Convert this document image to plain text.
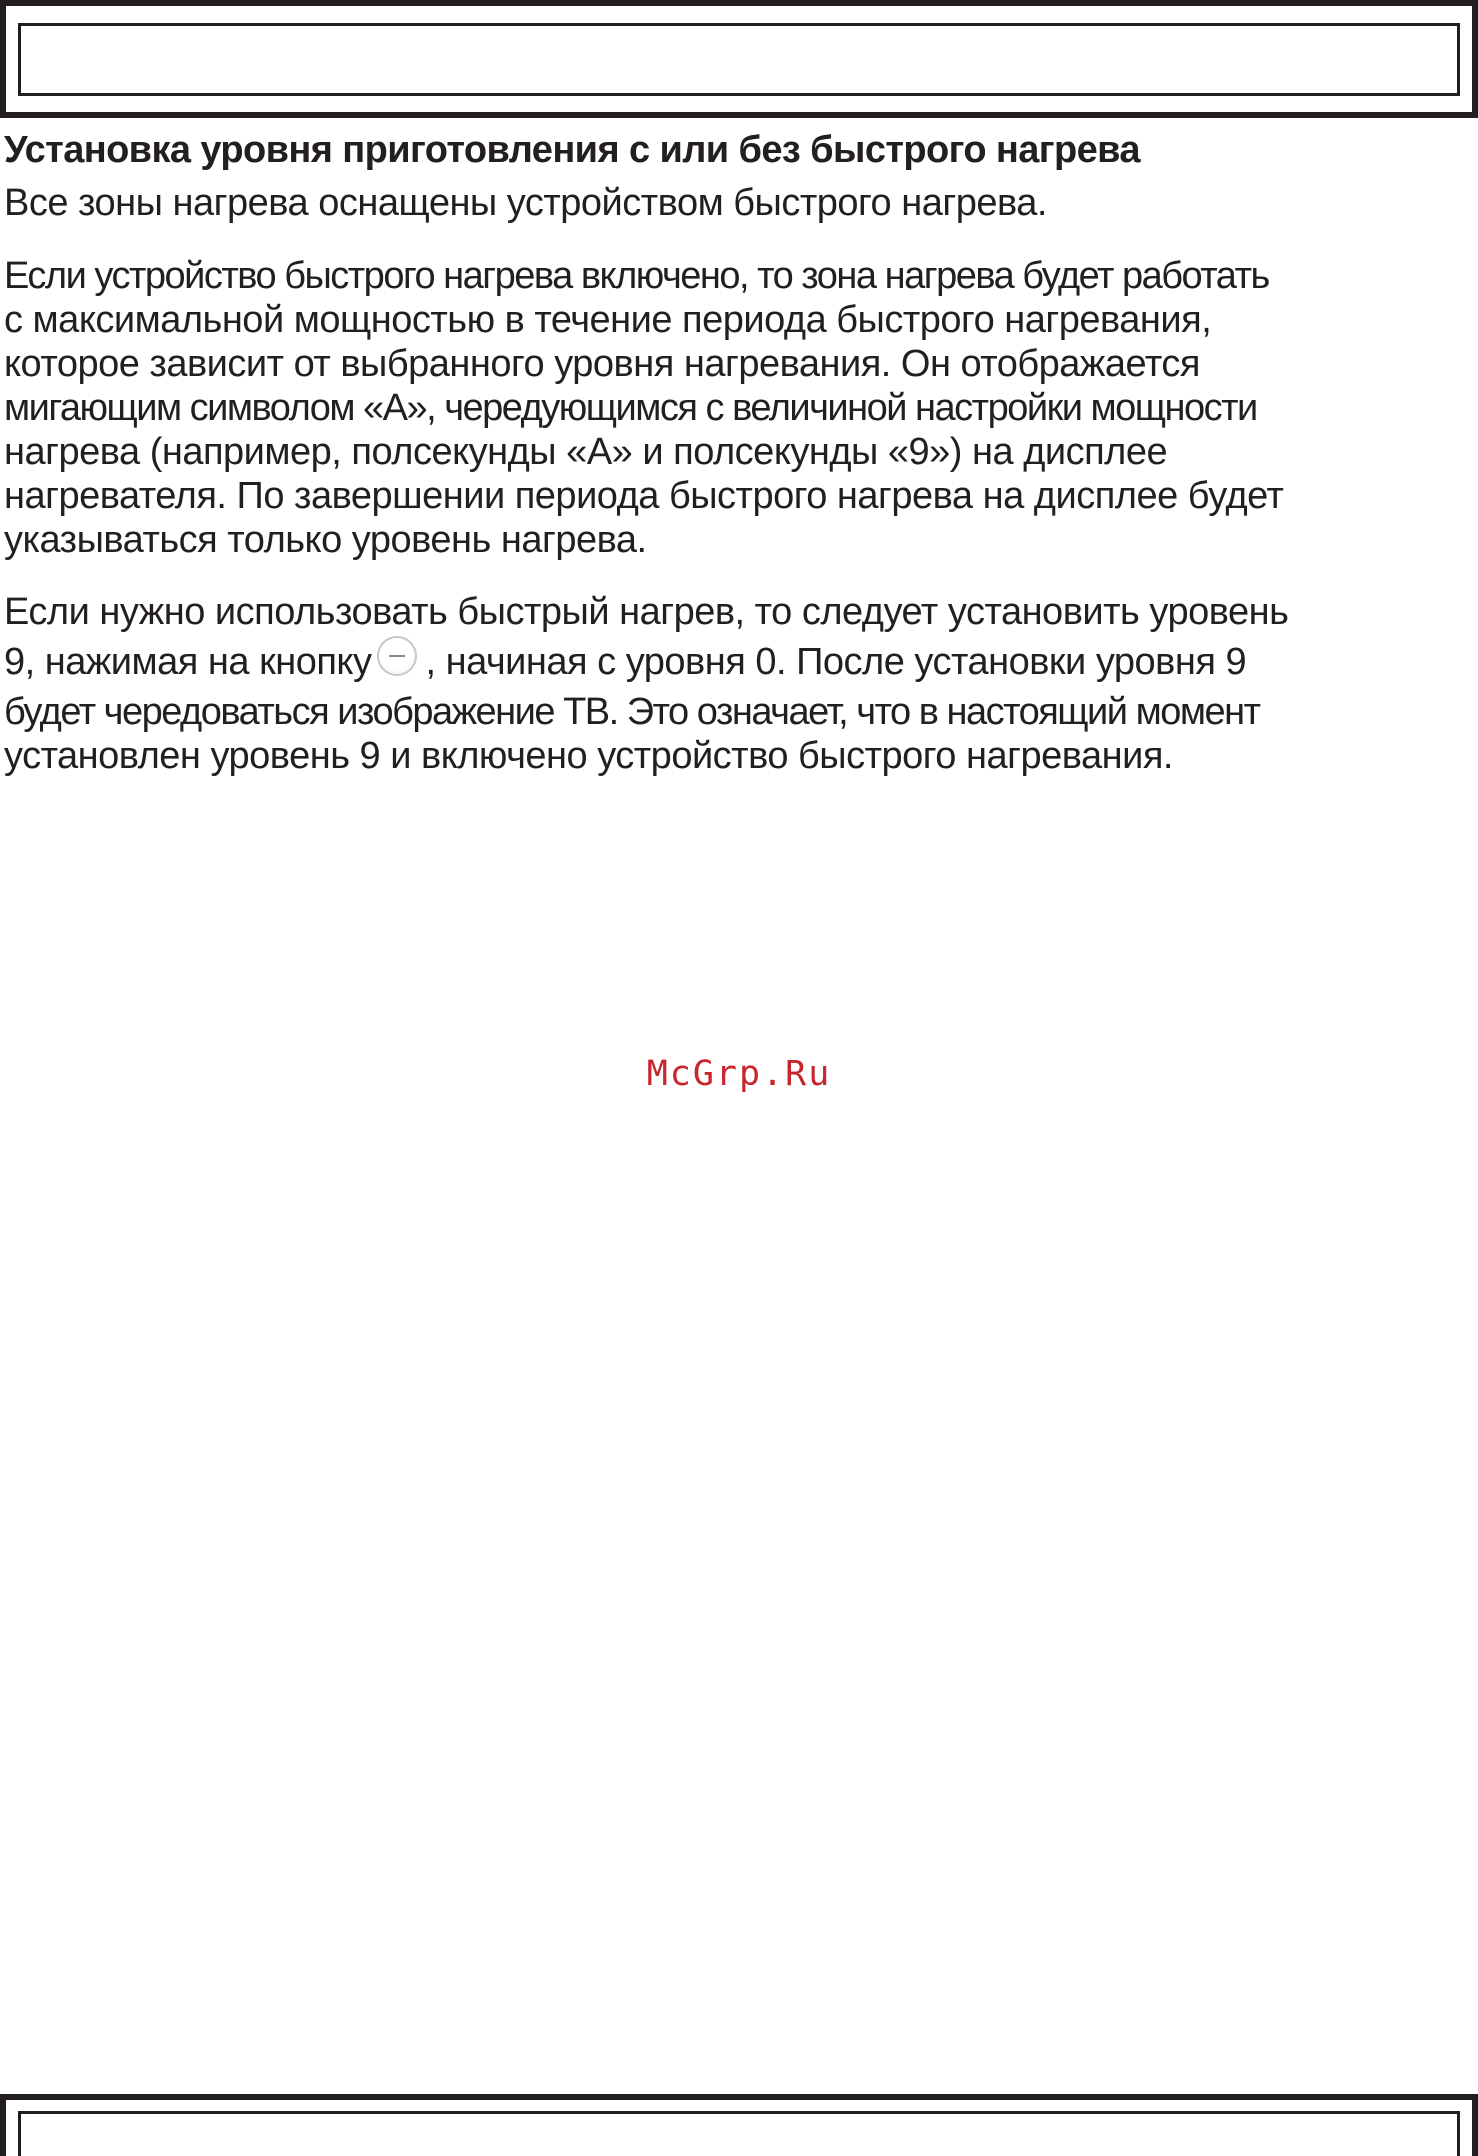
Установка уровня приготовления с или без быстрого нагрева

Все зоны нагрева оснащены устройством быстрого нагрева.

Если устройство быстрого нагрева включено, то зона нагрева будет работать
с максимальной мощностью в течение периода быстрого нагревания,
которое зависит от выбранного уровня нагревания. Он отображается
мигающим символом «А», чередующимся с величиной настройки мощности
нагрева (например, полсекунды «А» и полсекунды «9») на дисплее
нагревателя. По завершении периода быстрого нагрева на дисплее будет
указываться только уровень нагрева.
Если нужно использовать быстрый нагрев, то следует установить уровень
9, нажимая на кнопку , начиная с уровня 0. После установки уровня 9
будет чередоваться изображение ТВ. Это означает, что в настоящий момент
установлен уровень 9 и включено устройство быстрого нагревания.
McGrp.Ru
